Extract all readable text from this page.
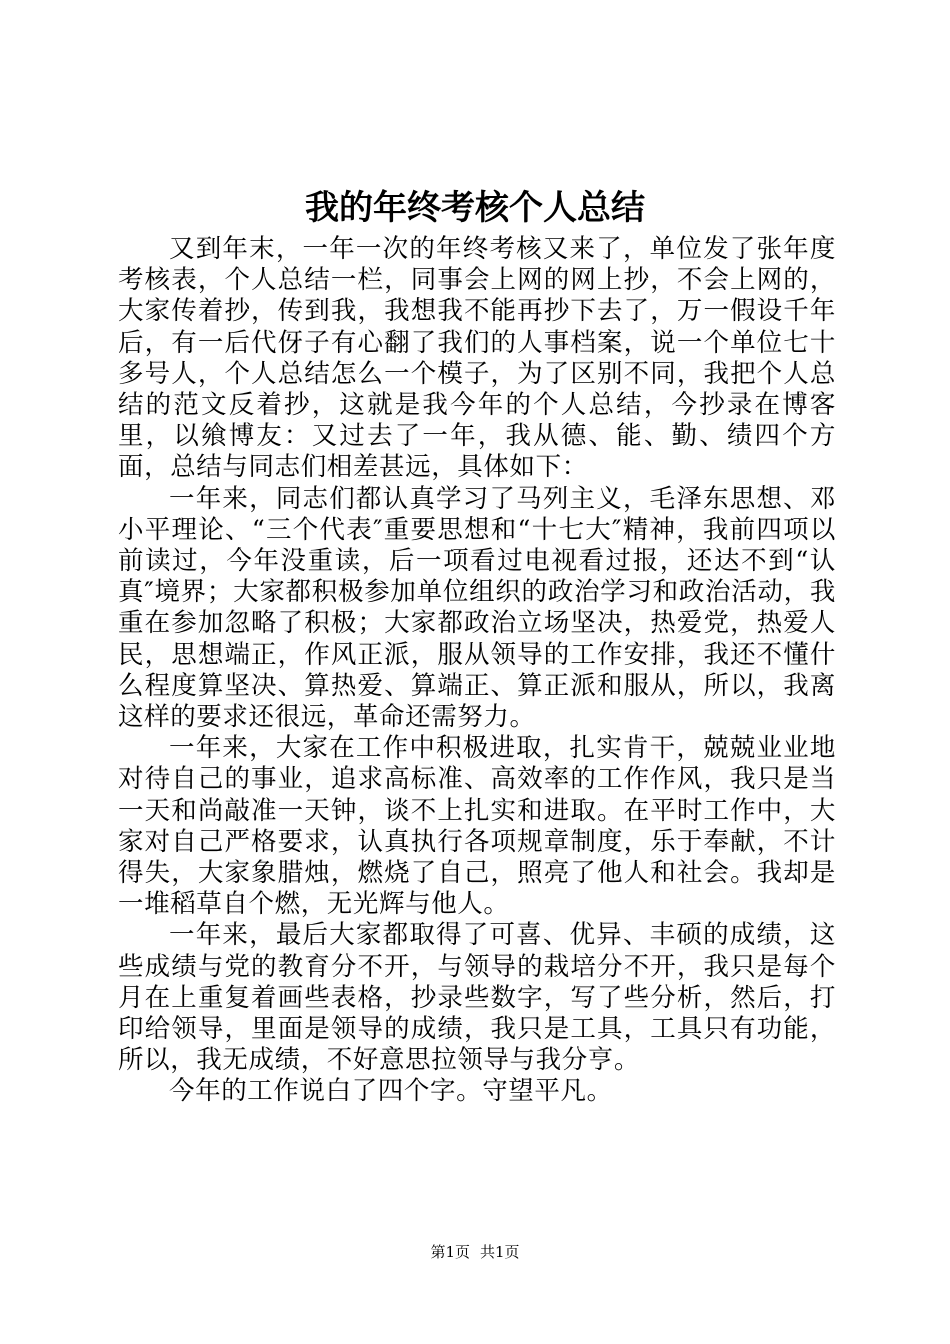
我的年终考核个人总结

又到年末，一年一次的年终考核又来了，单位发了张年度考核表，个人总结一栏，同事会上网的网上抄，不会上网的，大家传着抄，传到我，我想我不能再抄下去了，万一假设千年后，有一后代伢子有心翻了我们的人事档案，说一个单位七十多号人，个人总结怎么一个模子，为了区别不同，我把个人总结的范文反着抄，这就是我今年的个人总结，今抄录在博客里，以飨博友：又过去了一年，我从德、能、勤、绩四个方面，总结与同志们相差甚远，具体如下：

一年来，同志们都认真学习了马列主义，毛泽东思想、邓小平理论、“三个代表″重要思想和“十七大″精神，我前四项以前读过，今年没重读，后一项看过电视看过报，还达不到“认真″境界；大家都积极参加单位组织的政治学习和政治活动，我重在参加忽略了积极；大家都政治立场坚决，热爱党，热爱人民，思想端正，作风正派，服从领导的工作安排，我还不懂什么程度算坚决、算热爱、算端正、算正派和服从，所以，我离这样的要求还很远，革命还需努力。

一年来，大家在工作中积极进取，扎实肯干，兢兢业业地对待自己的事业，追求高标准、高效率的工作作风，我只是当一天和尚敲准一天钟，谈不上扎实和进取。在平时工作中，大家对自己严格要求，认真执行各项规章制度，乐于奉献，不计得失，大家象腊烛，燃烧了自己，照亮了他人和社会。我却是一堆稻草自个燃，无光辉与他人。

一年来，最后大家都取得了可喜、优异、丰硕的成绩，这些成绩与党的教育分不开，与领导的栽培分不开，我只是每个月在上重复着画些表格，抄录些数字，写了些分析，然后，打印给领导，里面是领导的成绩，我只是工具，工具只有功能，所以，我无成绩，不好意思拉领导与我分亨。

今年的工作说白了四个字。守望平凡。

第1页 共1页
